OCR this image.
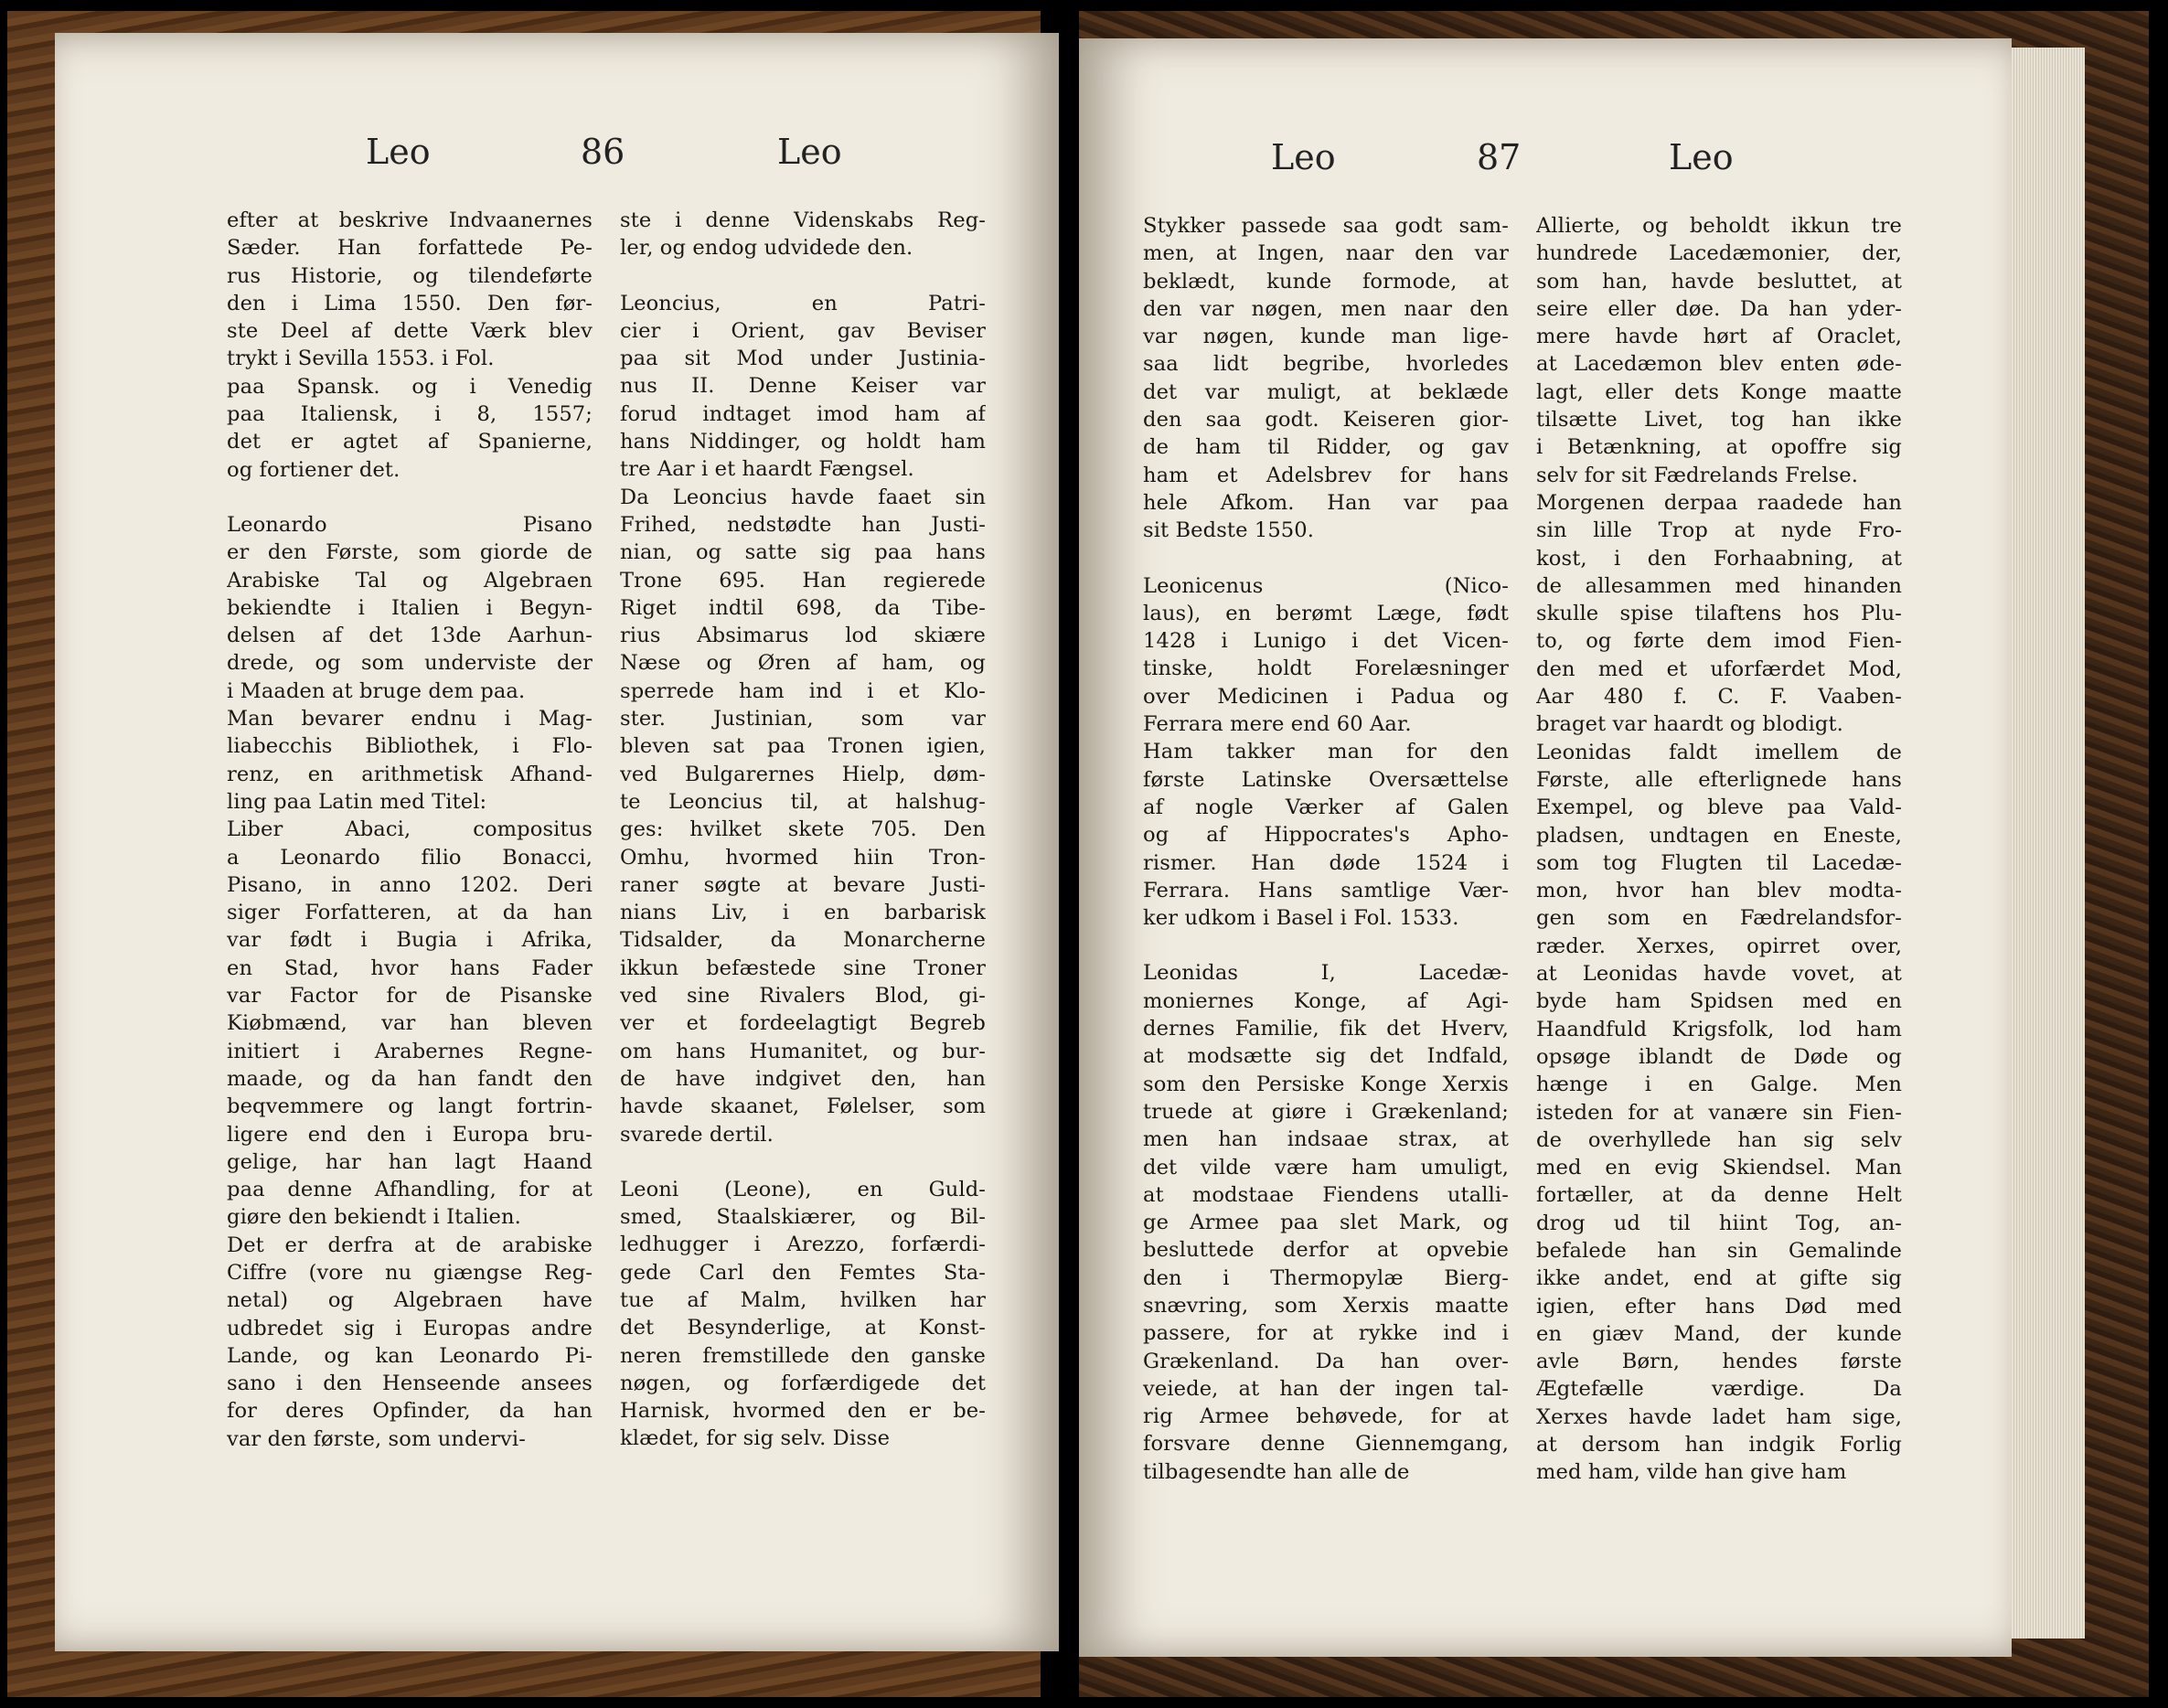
Leo	86	Leo
efter at beskrive Indvaanernes
Sæder. Han forfattede Pe-
rus Historie, og tilendeførte
den i Lima 1550. Den før-
ste Deel af dette Værk blev
trykt i Sevilla 1553. i Fol.
paa Spansk. og i Venedig
paa Italiensk, i 8, 1557;
det er agtet af Spanierne,
og fortiener det.
Leonardo Pisano
er den Første, som giorde de
Arabiske Tal og Algebraen
bekiendte i Italien i Begyn-
delsen af det 13de Aarhun-
drede, og som underviste der
i Maaden at bruge dem paa.
Man bevarer endnu i Mag-
liabecchis Bibliothek, i Flo-
renz, en arithmetisk Afhand-
ling paa Latin med Titel:
Liber Abaci, compositus
a Leonardo filio Bonacci,
Pisano, in anno 1202. Deri
siger Forfatteren, at da han
var født i Bugia i Afrika,
en Stad, hvor hans Fader
var Factor for de Pisanske
Kiøbmænd, var han bleven
initiert i Arabernes Regne-
maade, og da han fandt den
beqvemmere og langt fortrin-
ligere end den i Europa bru-
gelige, har han lagt Haand
paa denne Afhandling, for at
giøre den bekiendt i Italien.
Det er derfra at de arabiske
Ciffre (vore nu giængse Reg-
netal) og Algebraen have
udbredet sig i Europas andre
Lande, og kan Leonardo Pi-
sano i den Henseende ansees
for deres Opfinder, da han
var den første, som undervi-
ste i denne Videnskabs Reg-
ler, og endog udvidede den.
Leoncius, en Patri-
cier i Orient, gav Beviser
paa sit Mod under Justinia-
nus II. Denne Keiser var
forud indtaget imod ham af
hans Niddinger, og holdt ham
tre Aar i et haardt Fængsel.
Da Leoncius havde faaet sin
Frihed, nedstødte han Justi-
nian, og satte sig paa hans
Trone 695. Han regierede
Riget indtil 698, da Tibe-
rius Absimarus lod skiære
Næse og Øren af ham, og
sperrede ham ind i et Klo-
ster. Justinian, som var
bleven sat paa Tronen igien,
ved Bulgarernes Hielp, døm-
te Leoncius til, at halshug-
ges: hvilket skete 705. Den
Omhu, hvormed hiin Tron-
raner søgte at bevare Justi-
nians Liv, i en barbarisk
Tidsalder, da Monarcherne
ikkun befæstede sine Troner
ved sine Rivalers Blod, gi-
ver et fordeelagtigt Begreb
om hans Humanitet, og bur-
de have indgivet den, han
havde skaanet, Følelser, som
svarede dertil.
Leoni (Leone), en Guld-
smed, Staalskiærer, og Bil-
ledhugger i Arezzo, forfærdi-
gede Carl den Femtes Sta-
tue af Malm, hvilken har
det Besynderlige, at Konst-
neren fremstillede den ganske
nøgen, og forfærdigede det
Harnisk, hvormed den er be-
klædet, for sig selv. Disse
Leo	87	Leo
Stykker passede saa godt sam-
men, at Ingen, naar den var
beklædt, kunde formode, at
den var nøgen, men naar den
var nøgen, kunde man lige-
saa lidt begribe, hvorledes
det var muligt, at beklæde
den saa godt. Keiseren gior-
de ham til Ridder, og gav
ham et Adelsbrev for hans
hele Afkom. Han var paa
sit Bedste 1550.
Leonicenus (Nico-
laus), en berømt Læge, født
1428 i Lunigo i det Vicen-
tinske, holdt Forelæsninger
over Medicinen i Padua og
Ferrara mere end 60 Aar.
Ham takker man for den
første Latinske Oversættelse
af nogle Værker af Galen
og af Hippocrates's Apho-
rismer. Han døde 1524 i
Ferrara. Hans samtlige Vær-
ker udkom i Basel i Fol. 1533.
Leonidas I, Lacedæ-
moniernes Konge, af Agi-
dernes Familie, fik det Hverv,
at modsætte sig det Indfald,
som den Persiske Konge Xerxis
truede at giøre i Grækenland;
men han indsaae strax, at
det vilde være ham umuligt,
at modstaae Fiendens utalli-
ge Armee paa slet Mark, og
besluttede derfor at opvebie
den i Thermopylæ Bierg-
snævring, som Xerxis maatte
passere, for at rykke ind i
Grækenland. Da han over-
veiede, at han der ingen tal-
rig Armee behøvede, for at
forsvare denne Giennemgang,
tilbagesendte han alle de
Allierte, og beholdt ikkun tre
hundrede Lacedæmonier, der,
som han, havde besluttet, at
seire eller døe. Da han yder-
mere havde hørt af Oraclet,
at Lacedæmon blev enten øde-
lagt, eller dets Konge maatte
tilsætte Livet, tog han ikke
i Betænkning, at opoffre sig
selv for sit Fædrelands Frelse.
Morgenen derpaa raadede han
sin lille Trop at nyde Fro-
kost, i den Forhaabning, at
de allesammen med hinanden
skulle spise tilaftens hos Plu-
to, og førte dem imod Fien-
den med et uforfærdet Mod,
Aar 480 f. C. F. Vaaben-
braget var haardt og blodigt.
Leonidas faldt imellem de
Første, alle efterlignede hans
Exempel, og bleve paa Vald-
pladsen, undtagen en Eneste,
som tog Flugten til Lacedæ-
mon, hvor han blev modta-
gen som en Fædrelandsfor-
ræder. Xerxes, opirret over,
at Leonidas havde vovet, at
byde ham Spidsen med en
Haandfuld Krigsfolk, lod ham
opsøge iblandt de Døde og
hænge i en Galge. Men
isteden for at vanære sin Fien-
de overhyllede han sig selv
med en evig Skiendsel. Man
fortæller, at da denne Helt
drog ud til hiint Tog, an-
befalede han sin Gemalinde
ikke andet, end at gifte sig
igien, efter hans Død med
en giæv Mand, der kunde
avle Børn, hendes første
Ægtefælle værdige. Da
Xerxes havde ladet ham sige,
at dersom han indgik Forlig
med ham, vilde han give ham
